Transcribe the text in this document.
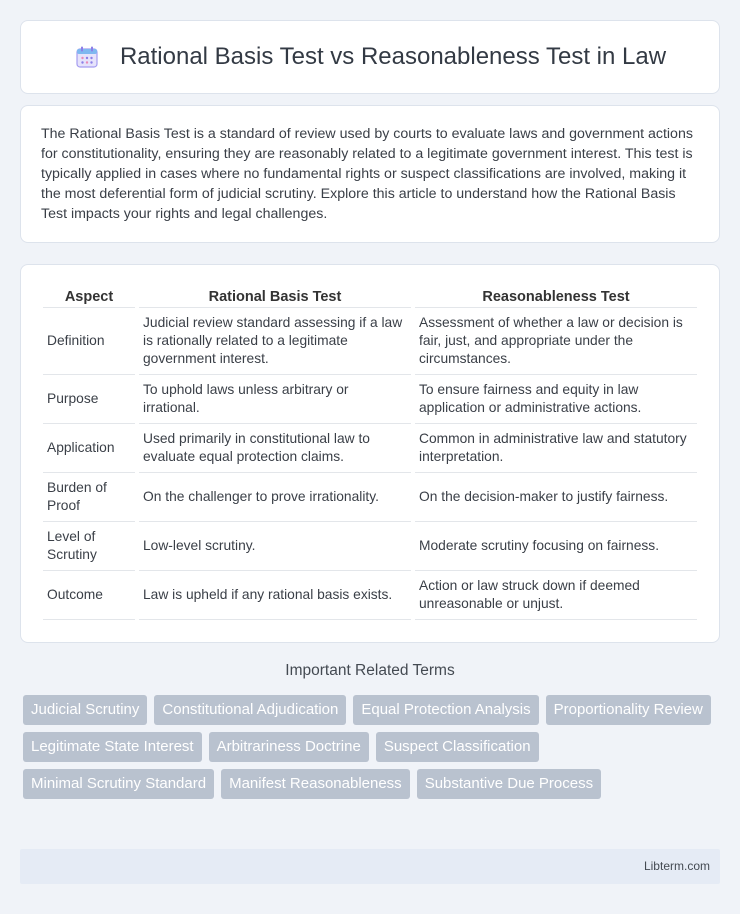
Rational Basis Test vs Reasonableness Test in Law

The Rational Basis Test is a standard of review used by courts to evaluate laws and government actions for constitutionality, ensuring they are reasonably related to a legitimate government interest. This test is typically applied in cases where no fundamental rights or suspect classifications are involved, making it the most deferential form of judicial scrutiny. Explore this article to understand how the Rational Basis Test impacts your rights and legal challenges.

Aspect	Rational Basis Test	Reasonableness Test
Definition	Judicial review standard assessing if a law is rationally related to a legitimate government interest.	Assessment of whether a law or decision is fair, just, and appropriate under the circumstances.
Purpose	To uphold laws unless arbitrary or irrational.	To ensure fairness and equity in law application or administrative actions.
Application	Used primarily in constitutional law to evaluate equal protection claims.	Common in administrative law and statutory interpretation.
Burden of Proof	On the challenger to prove irrationality.	On the decision-maker to justify fairness.
Level of Scrutiny	Low-level scrutiny.	Moderate scrutiny focusing on fairness.
Outcome	Law is upheld if any rational basis exists.	Action or law struck down if deemed unreasonable or unjust.
Important Related Terms
Judicial Scrutiny	Constitutional Adjudication	Equal Protection Analysis	Proportionality Review
Legitimate State Interest	Arbitrariness Doctrine	Suspect Classification
Minimal Scrutiny Standard	Manifest Reasonableness	Substantive Due Process
Libterm.com
